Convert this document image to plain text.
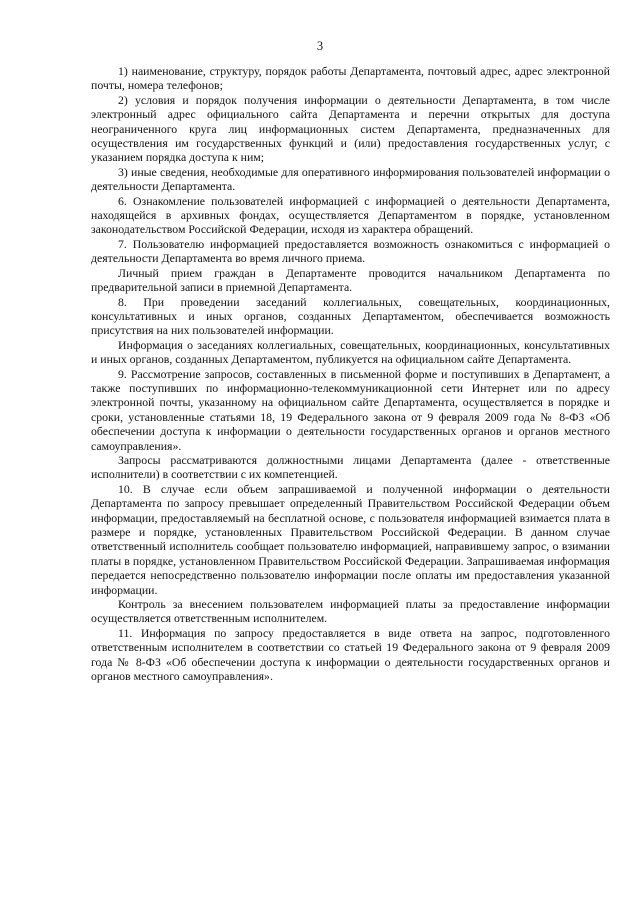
3

1) наименование, структуру, порядок работы Департамента, почтовый адрес, адрес электронной почты, номера телефонов;

2) условия и порядок получения информации о деятельности Департамента, в том числе электронный адрес официального сайта Департамента и перечни открытых для доступа неограниченного круга лиц информационных систем Департамента, предназначенных для осуществления им государственных функций и (или) предоставления государственных услуг, с указанием порядка доступа к ним;

3) иные сведения, необходимые для оперативного информирования пользователей информации о деятельности Департамента.

6. Ознакомление пользователей информацией с информацией о деятельности Департамента, находящейся в архивных фондах, осуществляется Департаментом в порядке, установленном законодательством Российской Федерации, исходя из характера обращений.

7. Пользователю информацией предоставляется возможность ознакомиться с информацией о деятельности Департамента во время личного приема.

Личный прием граждан в Департаменте проводится начальником Департамента по предварительной записи в приемной Департамента.

8. При проведении заседаний коллегиальных, совещательных, координационных, консультативных и иных органов, созданных Департаментом, обеспечивается возможность присутствия на них пользователей информации.

Информация о заседаниях коллегиальных, совещательных, координационных, консультативных и иных органов, созданных Департаментом, публикуется на официальном сайте Департамента.

9. Рассмотрение запросов, составленных в письменной форме и поступивших в Департамент, а также поступивших по информационно-телекоммуникационной сети Интернет или по адресу электронной почты, указанному на официальном сайте Департамента, осуществляется в порядке и сроки, установленные статьями 18, 19 Федерального закона от 9 февраля 2009 года № 8-ФЗ «Об обеспечении доступа к информации о деятельности государственных органов и органов местного самоуправления».

Запросы рассматриваются должностными лицами Департамента (далее - ответственные исполнители) в соответствии с их компетенцией.

10. В случае если объем запрашиваемой и полученной информации о деятельности Департамента по запросу превышает определенный Правительством Российской Федерации объем информации, предоставляемый на бесплатной основе, с пользователя информацией взимается плата в размере и порядке, установленных Правительством Российской Федерации. В данном случае ответственный исполнитель сообщает пользователю информацией, направившему запрос, о взимании платы в порядке, установленном Правительством Российской Федерации. Запрашиваемая информация передается непосредственно пользователю информации после оплаты им предоставления указанной информации.

Контроль за внесением пользователем информацией платы за предоставление информации осуществляется ответственным исполнителем.

11. Информация по запросу предоставляется в виде ответа на запрос, подготовленного ответственным исполнителем в соответствии со статьей 19 Федерального закона от 9 февраля 2009 года № 8-ФЗ «Об обеспечении доступа к информации о деятельности государственных органов и органов местного самоуправления».
